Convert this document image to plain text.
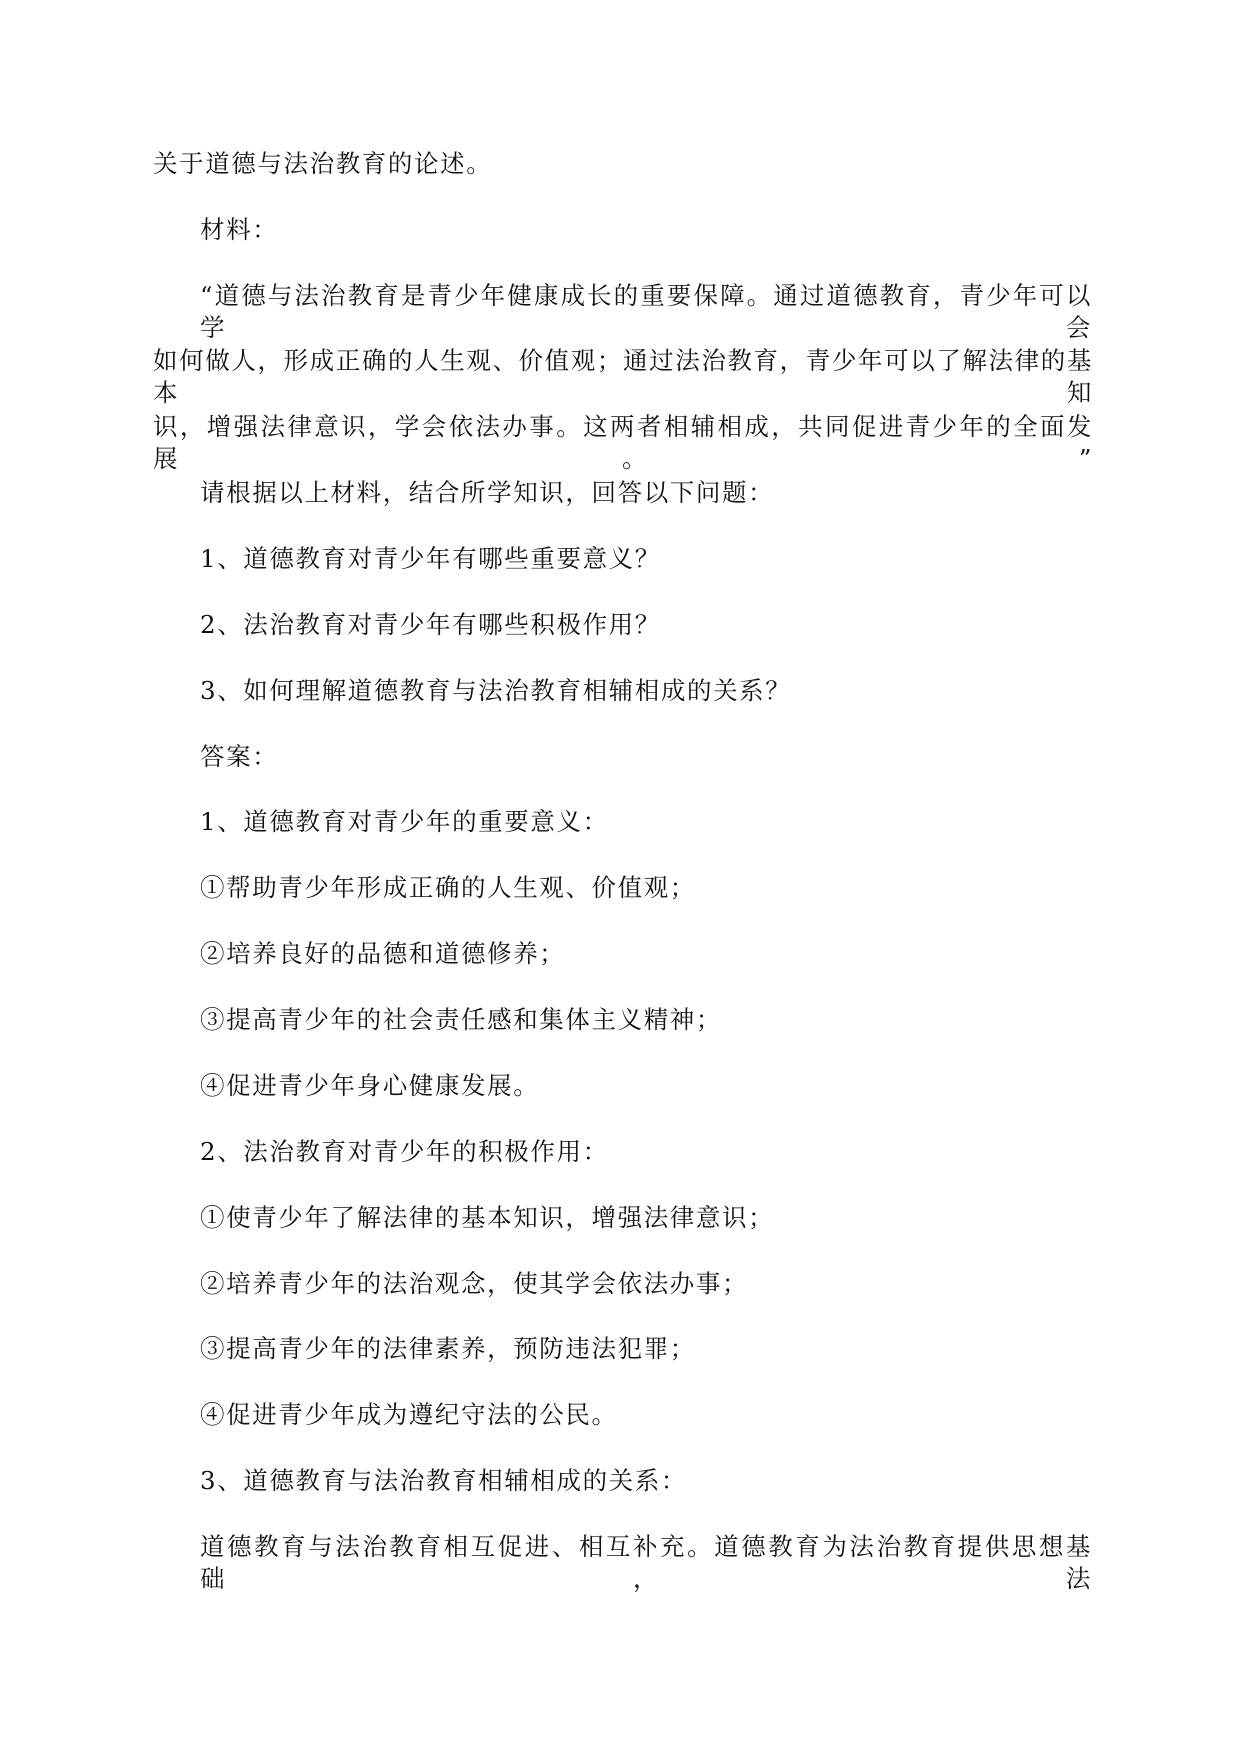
关于道德与法治教育的论述。
材料：
“道德与法治教育是青少年健康成长的重要保障。通过道德教育，青少年可以学会
如何做人，形成正确的人生观、价值观；通过法治教育，青少年可以了解法律的基本知
识，增强法律意识，学会依法办事。这两者相辅相成，共同促进青少年的全面发展。”
请根据以上材料，结合所学知识，回答以下问题：
1、道德教育对青少年有哪些重要意义？
2、法治教育对青少年有哪些积极作用？
3、如何理解道德教育与法治教育相辅相成的关系？
答案：
1、道德教育对青少年的重要意义：
①帮助青少年形成正确的人生观、价值观；
②培养良好的品德和道德修养；
③提高青少年的社会责任感和集体主义精神；
④促进青少年身心健康发展。
2、法治教育对青少年的积极作用：
①使青少年了解法律的基本知识，增强法律意识；
②培养青少年的法治观念，使其学会依法办事；
③提高青少年的法律素养，预防违法犯罪；
④促进青少年成为遵纪守法的公民。
3、道德教育与法治教育相辅相成的关系：
道德教育与法治教育相互促进、相互补充。道德教育为法治教育提供思想基础，法
